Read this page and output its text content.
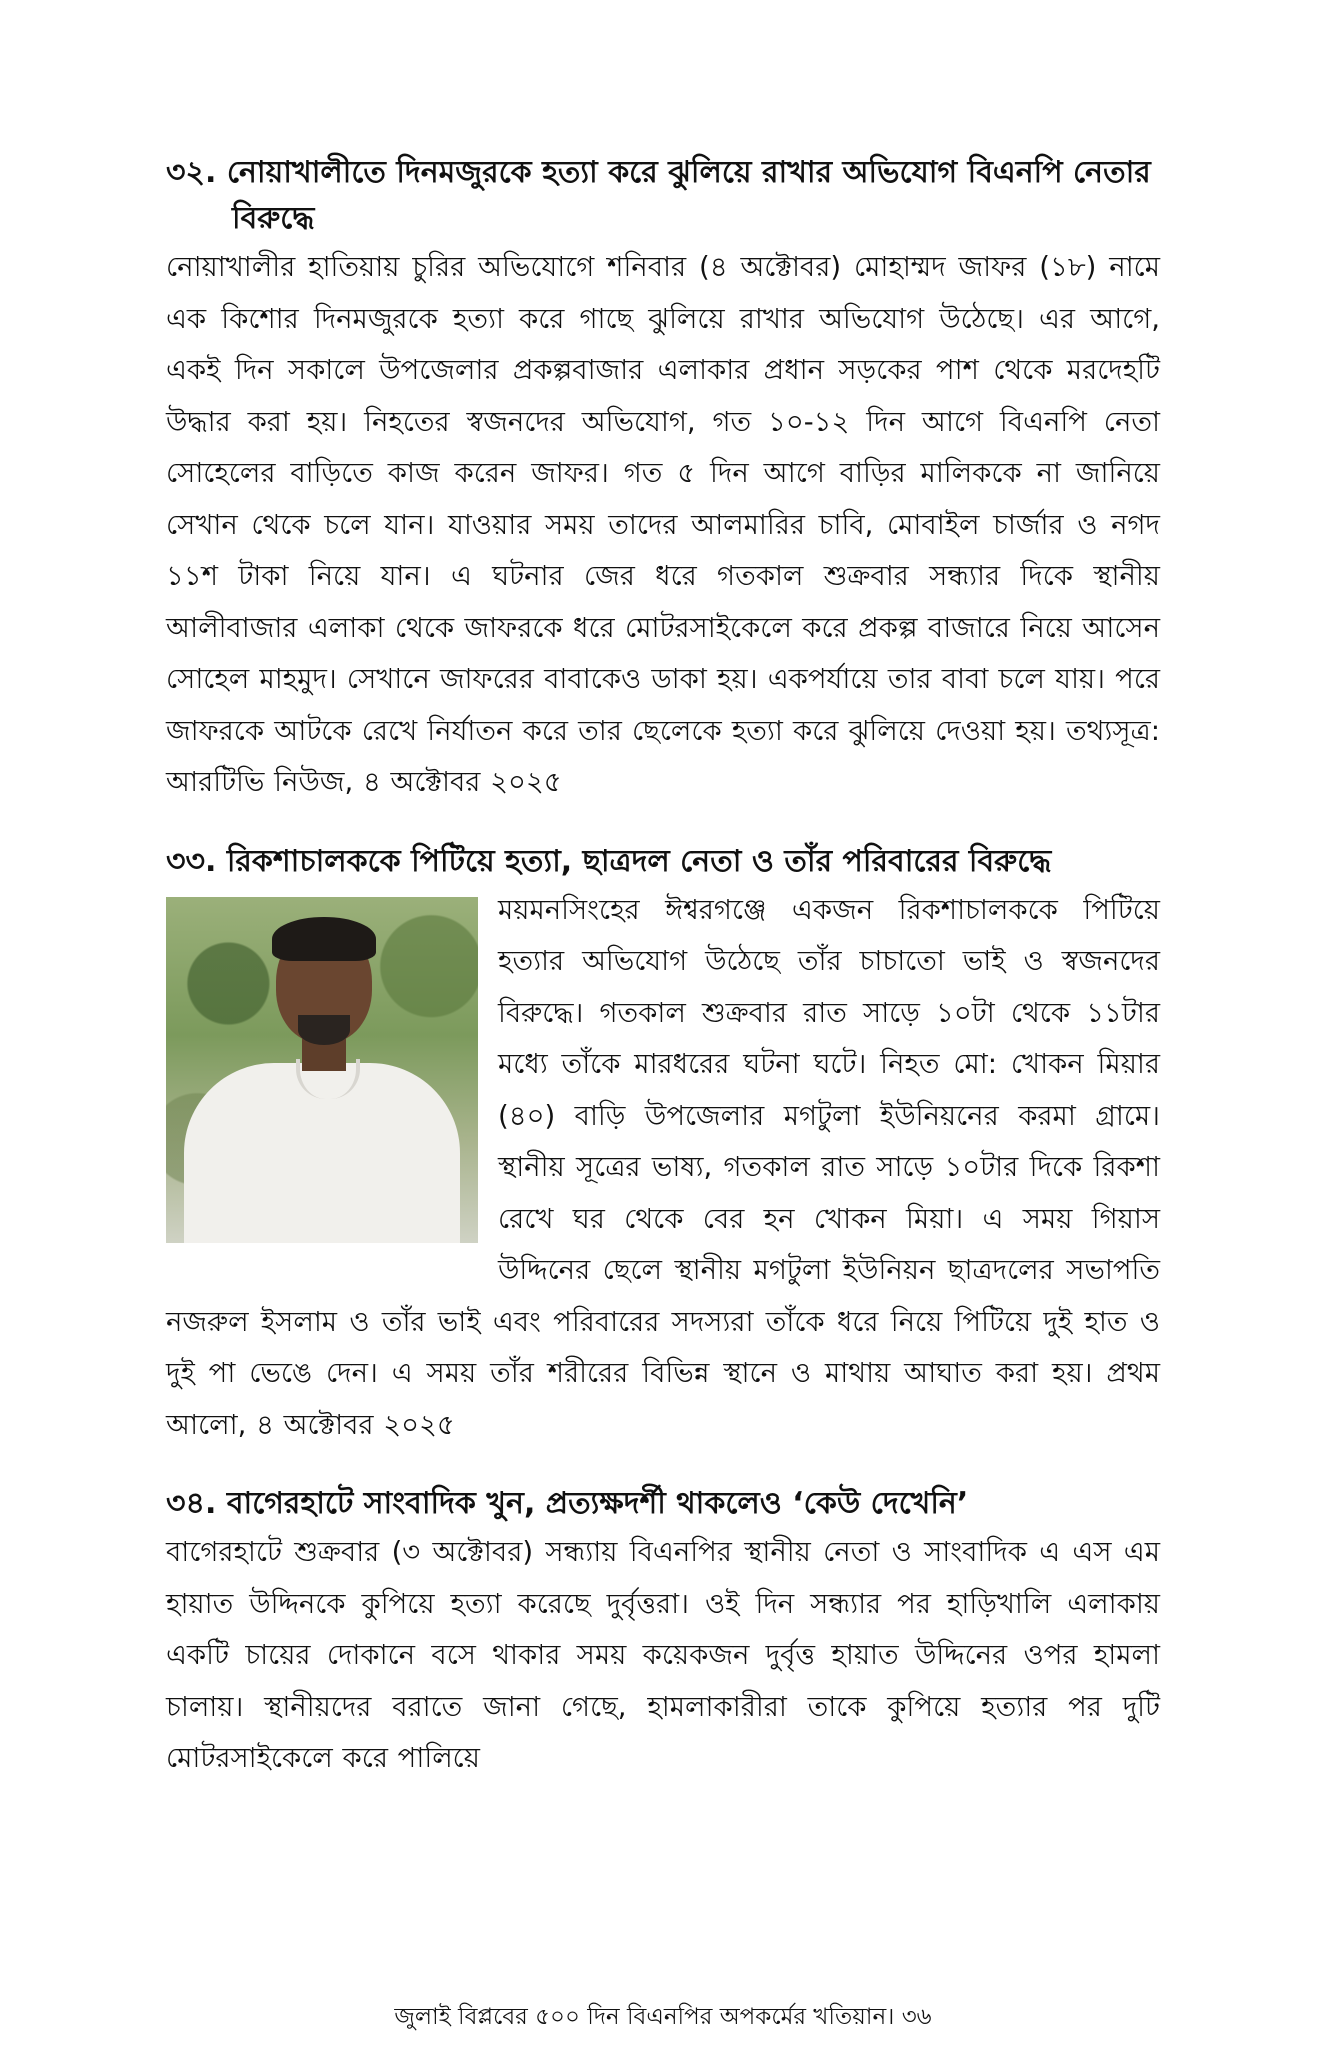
৩২. নোয়াখালীতে দিনমজুরকে হত্যা করে ঝুলিয়ে রাখার অভিযোগ বিএনপি নেতার বিরুদ্ধে

নোয়াখালীর হাতিয়ায় চুরির অভিযোগে শনিবার (৪ অক্টোবর) মোহাম্মদ জাফর (১৮) নামে এক কিশোর দিনমজুরকে হত্যা করে গাছে ঝুলিয়ে রাখার অভিযোগ উঠেছে। এর আগে, একই দিন সকালে উপজেলার প্রকল্পবাজার এলাকার প্রধান সড়কের পাশ থেকে মরদেহটি উদ্ধার করা হয়। নিহতের স্বজনদের অভিযোগ, গত ১০-১২ দিন আগে বিএনপি নেতা সোহেলের বাড়িতে কাজ করেন জাফর। গত ৫ দিন আগে বাড়ির মালিককে না জানিয়ে সেখান থেকে চলে যান। যাওয়ার সময় তাদের আলমারির চাবি, মোবাইল চার্জার ও নগদ ১১শ টাকা নিয়ে যান। এ ঘটনার জের ধরে গতকাল শুক্রবার সন্ধ্যার দিকে স্থানীয় আলীবাজার এলাকা থেকে জাফরকে ধরে মোটরসাইকেলে করে প্রকল্প বাজারে নিয়ে আসেন সোহেল মাহমুদ। সেখানে জাফরের বাবাকেও ডাকা হয়। একপর্যায়ে তার বাবা চলে যায়। পরে জাফরকে আটকে রেখে নির্যাতন করে তার ছেলেকে হত্যা করে ঝুলিয়ে দেওয়া হয়। তথ্যসূত্র: আরটিভি নিউজ, ৪ অক্টোবর ২০২৫

৩৩. রিকশাচালককে পিটিয়ে হত্যা, ছাত্রদল নেতা ও তাঁর পরিবারের বিরুদ্ধে

ময়মনসিংহের ঈশ্বরগঞ্জে একজন রিকশাচালককে পিটিয়ে হত্যার অভিযোগ উঠেছে তাঁর চাচাতো ভাই ও স্বজনদের বিরুদ্ধে। গতকাল শুক্রবার রাত সাড়ে ১০টা থেকে ১১টার মধ্যে তাঁকে মারধরের ঘটনা ঘটে। নিহত মো: খোকন মিয়ার (৪০) বাড়ি উপজেলার মগটুলা ইউনিয়নের করমা গ্রামে। স্থানীয় সূত্রের ভাষ্য, গতকাল রাত সাড়ে ১০টার দিকে রিকশা রেখে ঘর থেকে বের হন খোকন মিয়া। এ সময় গিয়াস উদ্দিনের ছেলে স্থানীয় মগটুলা ইউনিয়ন ছাত্রদলের সভাপতি নজরুল ইসলাম ও তাঁর ভাই এবং পরিবারের সদস্যরা তাঁকে ধরে নিয়ে পিটিয়ে দুই হাত ও দুই পা ভেঙে দেন। এ সময় তাঁর শরীরের বিভিন্ন স্থানে ও মাথায় আঘাত করা হয়। প্রথম আলো, ৪ অক্টোবর ২০২৫

৩৪. বাগেরহাটে সাংবাদিক খুন, প্রত্যক্ষদর্শী থাকলেও ‘কেউ দেখেনি’

বাগেরহাটে শুক্রবার (৩ অক্টোবর) সন্ধ্যায় বিএনপির স্থানীয় নেতা ও সাংবাদিক এ এস এম হায়াত উদ্দিনকে কুপিয়ে হত্যা করেছে দুর্বৃত্তরা। ওই দিন সন্ধ্যার পর হাড়িখালি এলাকায় একটি চায়ের দোকানে বসে থাকার সময় কয়েকজন দুর্বৃত্ত হায়াত উদ্দিনের ওপর হামলা চালায়। স্থানীয়দের বরাতে জানা গেছে, হামলাকারীরা তাকে কুপিয়ে হত্যার পর দুটি মোটরসাইকেলে করে পালিয়ে

জুলাই বিপ্লবের ৫০০ দিন বিএনপির অপকর্মের খতিয়ান। ৩৬
